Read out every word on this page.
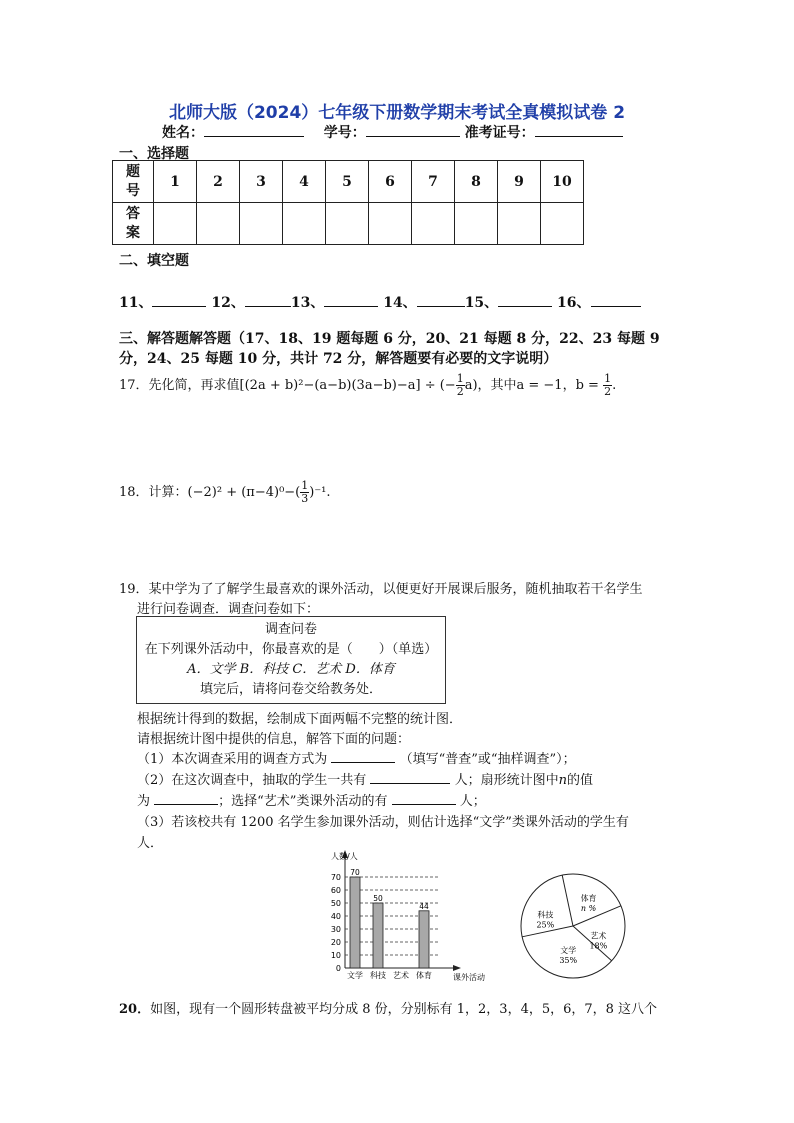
北师大版（2024）七年级下册数学期末考试全真模拟试卷 2
姓名：	学号：	准考证号：
一、选择题
题号	1	2	3	4	5	6	7	8	9	10

答案										

二、填空题
11、	12、	13、	14、	15、	16、
三、解答题解答题（17、18、19 题每题 6 分，20、21 每题 8 分，22、23 每题 9
分，24、25 每题 10 分，共计 72 分，解答题要有必要的文字说明）
17．先化简，再求值[(2a + b)²−(a−b)(3a−b)−a] ÷ (− $\frac{1}{2} a$)，其中a = −1，$b = \frac{1}{2}$ .
18．计算：$(-2)^2 + (\pi-4)^0-( \frac{1}{3} )^{-1}$.
19．某中学为了了解学生最喜欢的课外活动，以便更好开展课后服务，随机抽取若干名学生
进行问卷调查．调查问卷如下：
调查问卷
在下列课外活动中，你最喜欢的是（　　）（单选）
A．文学 B．科技 C．艺术 D．体育
填完后，请将问卷交给教务处．
根据统计得到的数据，绘制成下面两幅不完整的统计图．
请根据统计图中提供的信息，解答下面的问题：
（1）本次调查采用的调查方式为	（填写“普查”或“抽样调查”）；
（2）在这次调查中，抽取的学生一共有	人；扇形统计图中n的值
为	；选择“艺术”类课外活动的有	人；
（3）若该校共有 1200 名学生参加课外活动，则估计选择“文学”类课外活动的学生有
人．
人数/人
课外活动
0
10
20
30
40
50
60
70
70
文学
50
科技 艺术
44
体育
体育
n %
艺术
18%
文学
35%
科技
25%
20．如图，现有一个圆形转盘被平均分成 8 份，分别标有 1，2，3，4，5，6，7，8 这八个
